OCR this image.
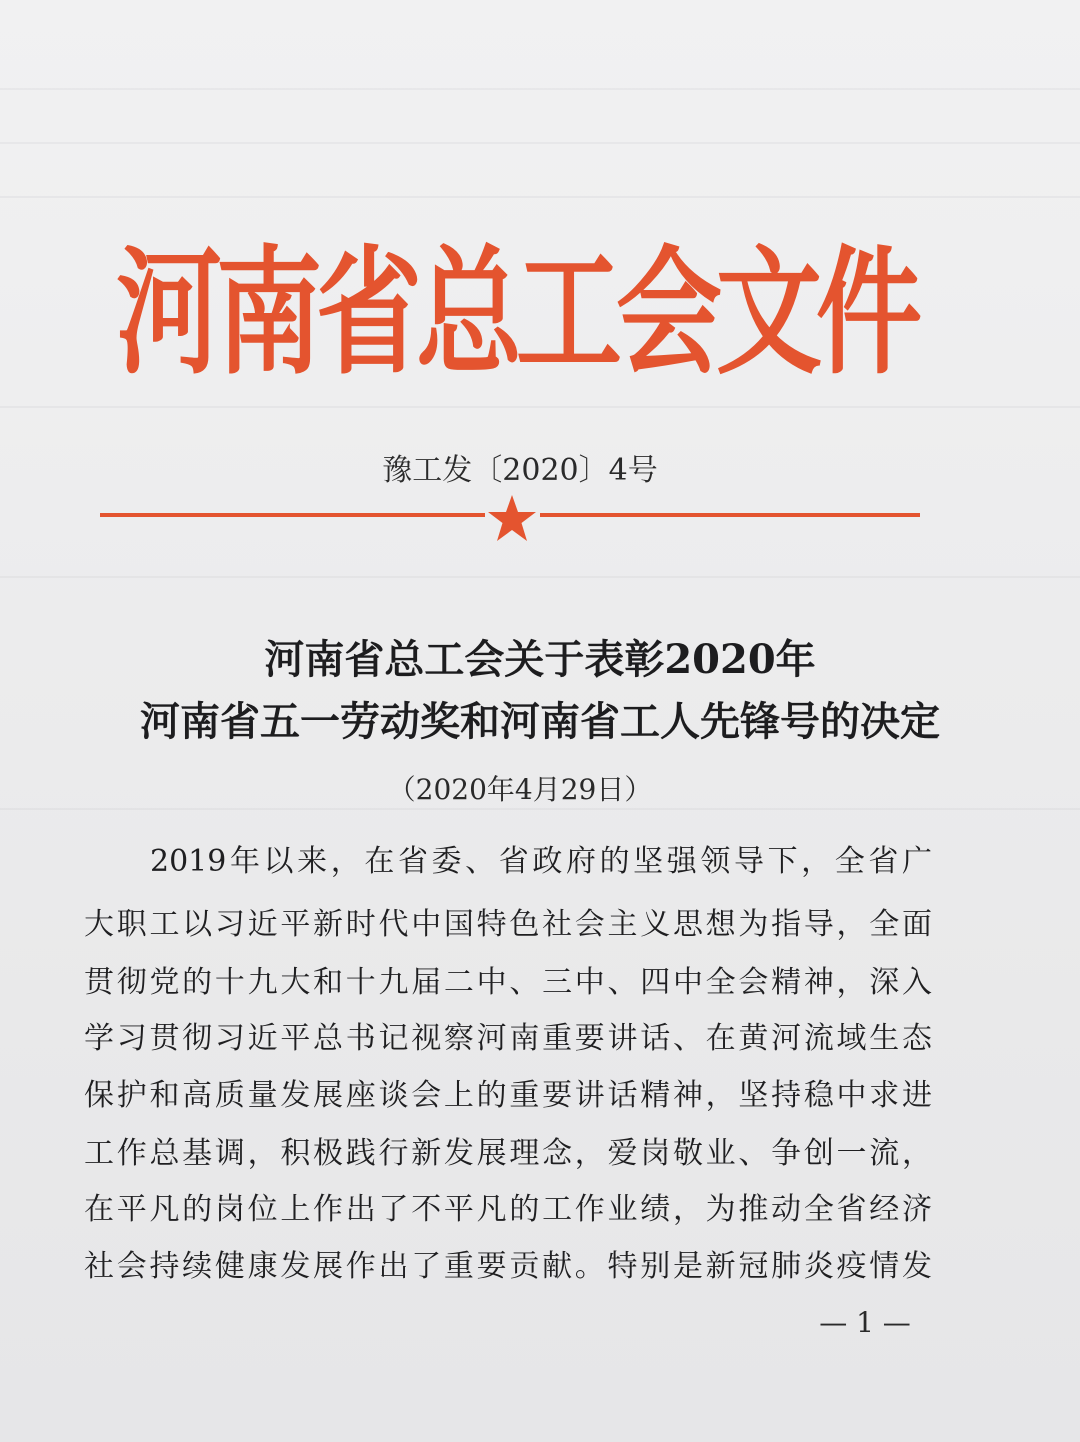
河南省总工会文件
豫工发〔2020〕4号
河南省总工会关于表彰2020年
河南省五一劳动奖和河南省工人先锋号的决定
（2020年4月29日）
2019年以来，在省委、省政府的坚强领导下，全省广
大职工以习近平新时代中国特色社会主义思想为指导，全面
贯彻党的十九大和十九届二中、三中、四中全会精神，深入
学习贯彻习近平总书记视察河南重要讲话、在黄河流域生态
保护和高质量发展座谈会上的重要讲话精神，坚持稳中求进
工作总基调，积极践行新发展理念，爱岗敬业、争创一流，
在平凡的岗位上作出了不平凡的工作业绩，为推动全省经济
社会持续健康发展作出了重要贡献。特别是新冠肺炎疫情发
— 1 —
